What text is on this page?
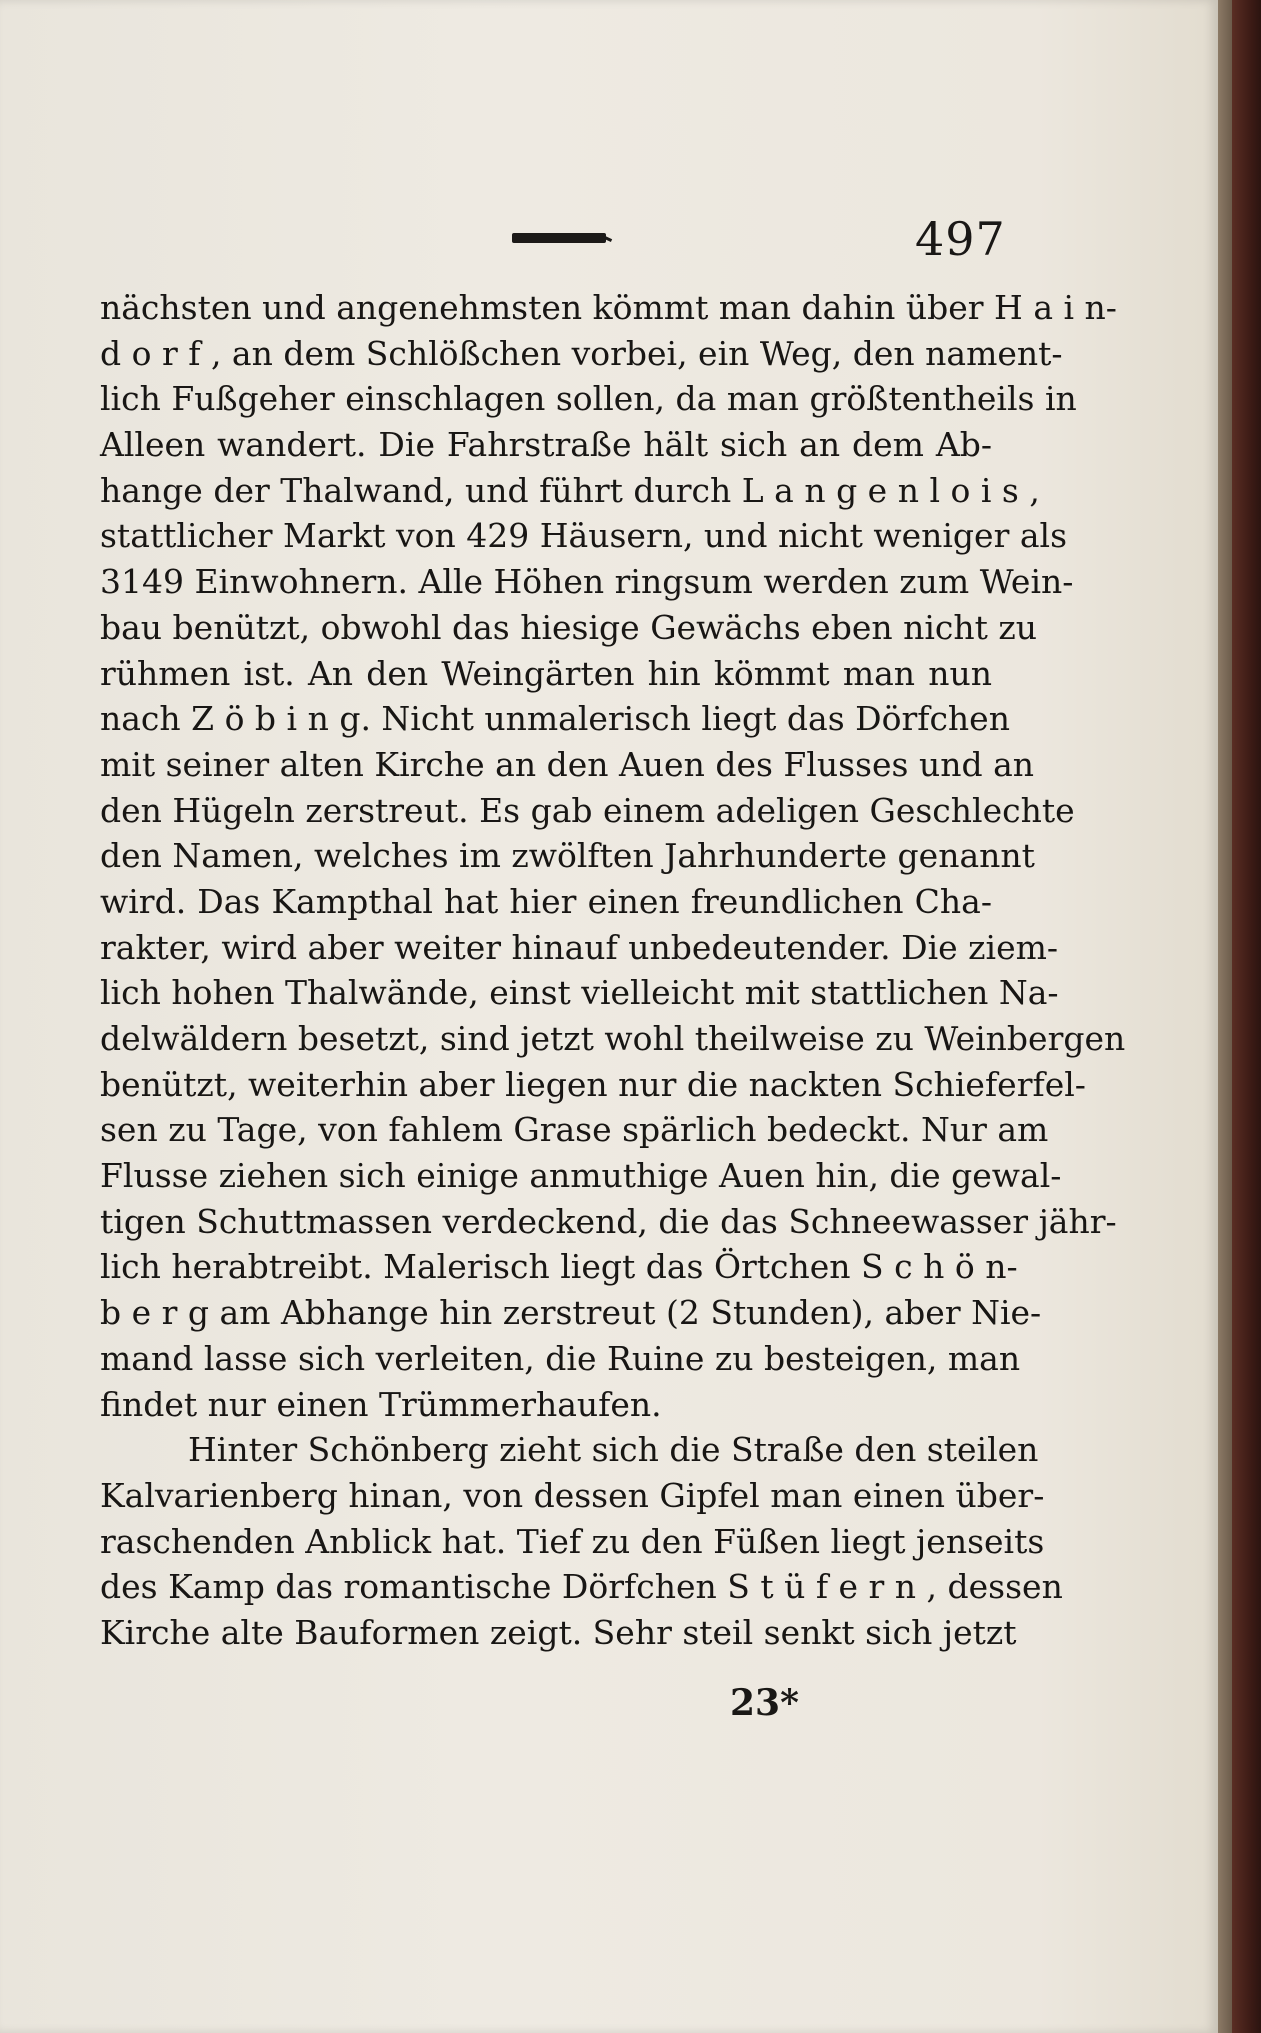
497
nächsten und angenehmsten kömmt man dahin über H a i n-
d o r f , an dem Schlößchen vorbei, ein Weg, den nament-
lich Fußgeher einschlagen sollen, da man größtentheils in
Alleen wandert. Die Fahrstraße hält sich an dem Ab-
hange der Thalwand, und führt durch L a n g e n l o i s ,
stattlicher Markt von 429 Häusern, und nicht weniger als
3149 Einwohnern. Alle Höhen ringsum werden zum Wein-
bau benützt, obwohl das hiesige Gewächs eben nicht zu
rühmen ist. An den Weingärten hin kömmt man nun
nach Z ö b i n g. Nicht unmalerisch liegt das Dörfchen
mit seiner alten Kirche an den Auen des Flusses und an
den Hügeln zerstreut. Es gab einem adeligen Geschlechte
den Namen, welches im zwölften Jahrhunderte genannt
wird. Das Kampthal hat hier einen freundlichen Cha-
rakter, wird aber weiter hinauf unbedeutender. Die ziem-
lich hohen Thalwände, einst vielleicht mit stattlichen Na-
delwäldern besetzt, sind jetzt wohl theilweise zu Weinbergen
benützt, weiterhin aber liegen nur die nackten Schieferfel-
sen zu Tage, von fahlem Grase spärlich bedeckt. Nur am
Flusse ziehen sich einige anmuthige Auen hin, die gewal-
tigen Schuttmassen verdeckend, die das Schneewasser jähr-
lich herabtreibt. Malerisch liegt das Örtchen S c h ö n-
b e r g am Abhange hin zerstreut (2 Stunden), aber Nie-
mand lasse sich verleiten, die Ruine zu besteigen, man
findet nur einen Trümmerhaufen.
Hinter Schönberg zieht sich die Straße den steilen
Kalvarienberg hinan, von dessen Gipfel man einen über-
raschenden Anblick hat. Tief zu den Füßen liegt jenseits
des Kamp das romantische Dörfchen S t ü f e r n , dessen
Kirche alte Bauformen zeigt. Sehr steil senkt sich jetzt
23*
